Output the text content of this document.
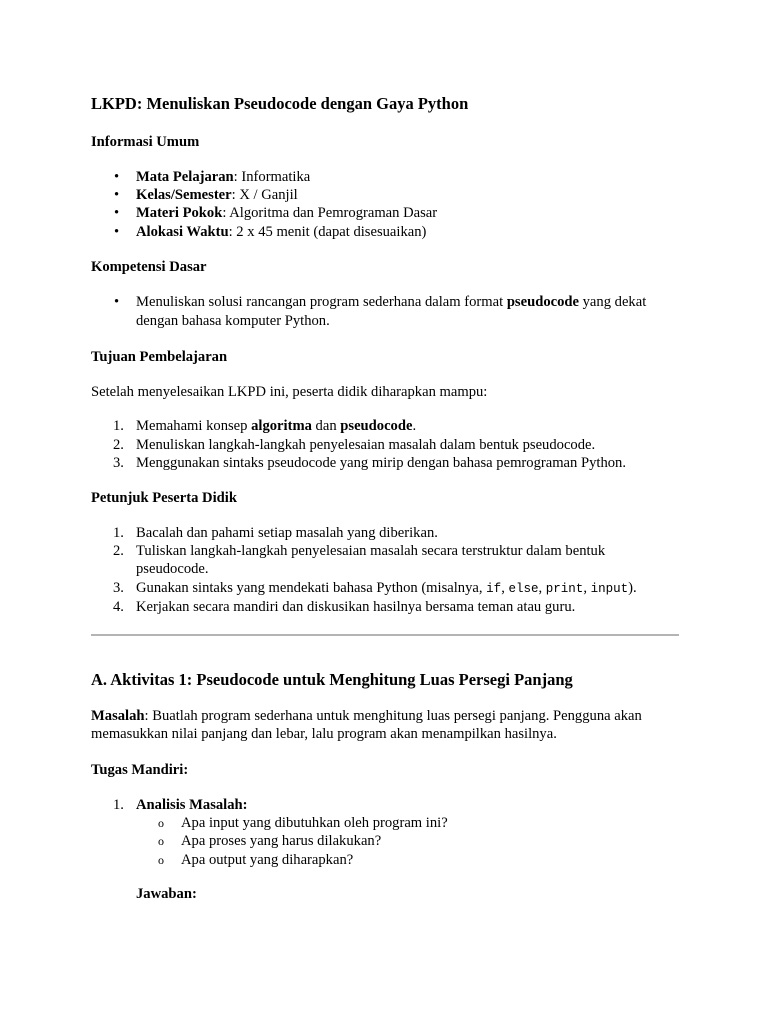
LKPD: Menuliskan Pseudocode dengan Gaya Python
Informasi Umum
• Mata Pelajaran: Informatika
• Kelas/Semester: X / Ganjil
• Materi Pokok: Algoritma dan Pemrograman Dasar
• Alokasi Waktu: 2 x 45 menit (dapat disesuaikan)
Kompetensi Dasar
• Menuliskan solusi rancangan program sederhana dalam format pseudocode yang dekat dengan bahasa komputer Python.
Tujuan Pembelajaran

Setelah menyelesaikan LKPD ini, peserta didik diharapkan mampu:

1. Memahami konsep algoritma dan pseudocode.
2. Menuliskan langkah-langkah penyelesaian masalah dalam bentuk pseudocode.
3. Menggunakan sintaks pseudocode yang mirip dengan bahasa pemrograman Python.
Petunjuk Peserta Didik
1. Bacalah dan pahami setiap masalah yang diberikan.
2. Tuliskan langkah-langkah penyelesaian masalah secara terstruktur dalam bentuk pseudocode.
3. Gunakan sintaks yang mendekati bahasa Python (misalnya, if, else, print, input).
4. Kerjakan secara mandiri dan diskusikan hasilnya bersama teman atau guru.
A. Aktivitas 1: Pseudocode untuk Menghitung Luas Persegi Panjang

Masalah: Buatlah program sederhana untuk menghitung luas persegi panjang. Pengguna akan memasukkan nilai panjang dan lebar, lalu program akan menampilkan hasilnya.

Tugas Mandiri:
1. Analisis Masalah:
o Apa input yang dibutuhkan oleh program ini?
o Apa proses yang harus dilakukan?
o Apa output yang diharapkan?
Jawaban:
